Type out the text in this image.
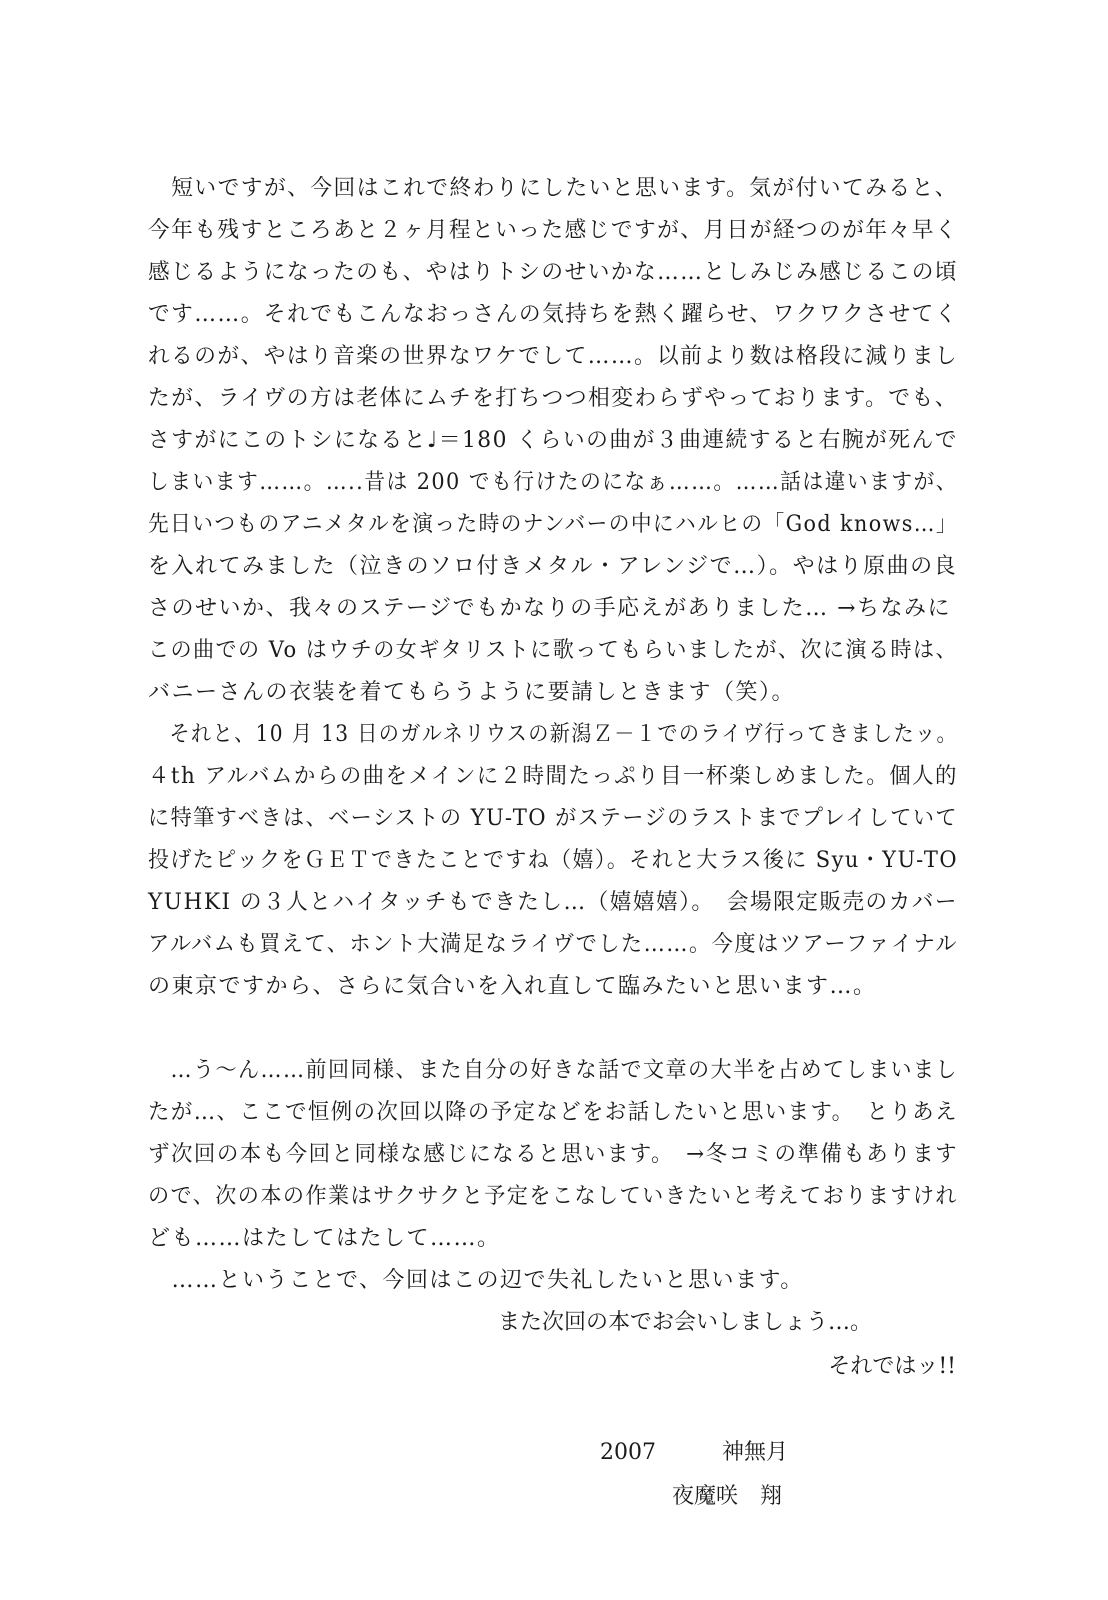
　短いですが、今回はこれで終わりにしたいと思います。気が付いてみると、
今年も残すところあと２ヶ月程といった感じですが、月日が経つのが年々早く
感じるようになったのも、やはりトシのせいかな……としみじみ感じるこの頃
です……。それでもこんなおっさんの気持ちを熱く躍らせ、ワクワクさせてく
れるのが、やはり音楽の世界なワケでして……。以前より数は格段に減りまし
たが、ライヴの方は老体にムチを打ちつつ相変わらずやっております。でも、
さすがにこのトシになると♩＝180 くらいの曲が３曲連続すると右腕が死んで
しまいます……。…..昔は 200 でも行けたのになぁ……。……話は違いますが、
先日いつものアニメタルを演った時のナンバーの中にハルヒの「God knows…」
を入れてみました（泣きのソロ付きメタル・アレンジで…）。やはり原曲の良
さのせいか、我々のステージでもかなりの手応えがありました… →ちなみに
この曲での Vo はウチの女ギタリストに歌ってもらいましたが、次に演る時は、
バニーさんの衣装を着てもらうように要請しときます（笑）。
　それと、10 月 13 日のガルネリウスの新潟Ｚ－１でのライヴ行ってきましたッ。
４th アルバムからの曲をメインに２時間たっぷり目一杯楽しめました。個人的
に特筆すべきは、ベーシストの YU-TO がステージのラストまでプレイしていて
投げたピックをＧＥＴできたことですね（嬉）。それと大ラス後に Syu・YU-TO
YUHKI の３人とハイタッチもできたし…（嬉嬉嬉）。　会場限定販売のカバー
アルバムも買えて、ホント大満足なライヴでした……。今度はツアーファイナル
の東京ですから、さらに気合いを入れ直して臨みたいと思います…。
　…う～ん……前回同様、また自分の好きな話で文章の大半を占めてしまいまし
たが…、ここで恒例の次回以降の予定などをお話したいと思います。　とりあえ
ず次回の本も今回と同様な感じになると思います。　→冬コミの準備もあります
ので、次の本の作業はサクサクと予定をこなしていきたいと考えておりますけれ
ども……はたしてはたして……。
　……ということで、今回はこの辺で失礼したいと思います。
また次回の本でお会いしましょう…。
それではッ!!
2007	神無月
夜魔咲　翔
